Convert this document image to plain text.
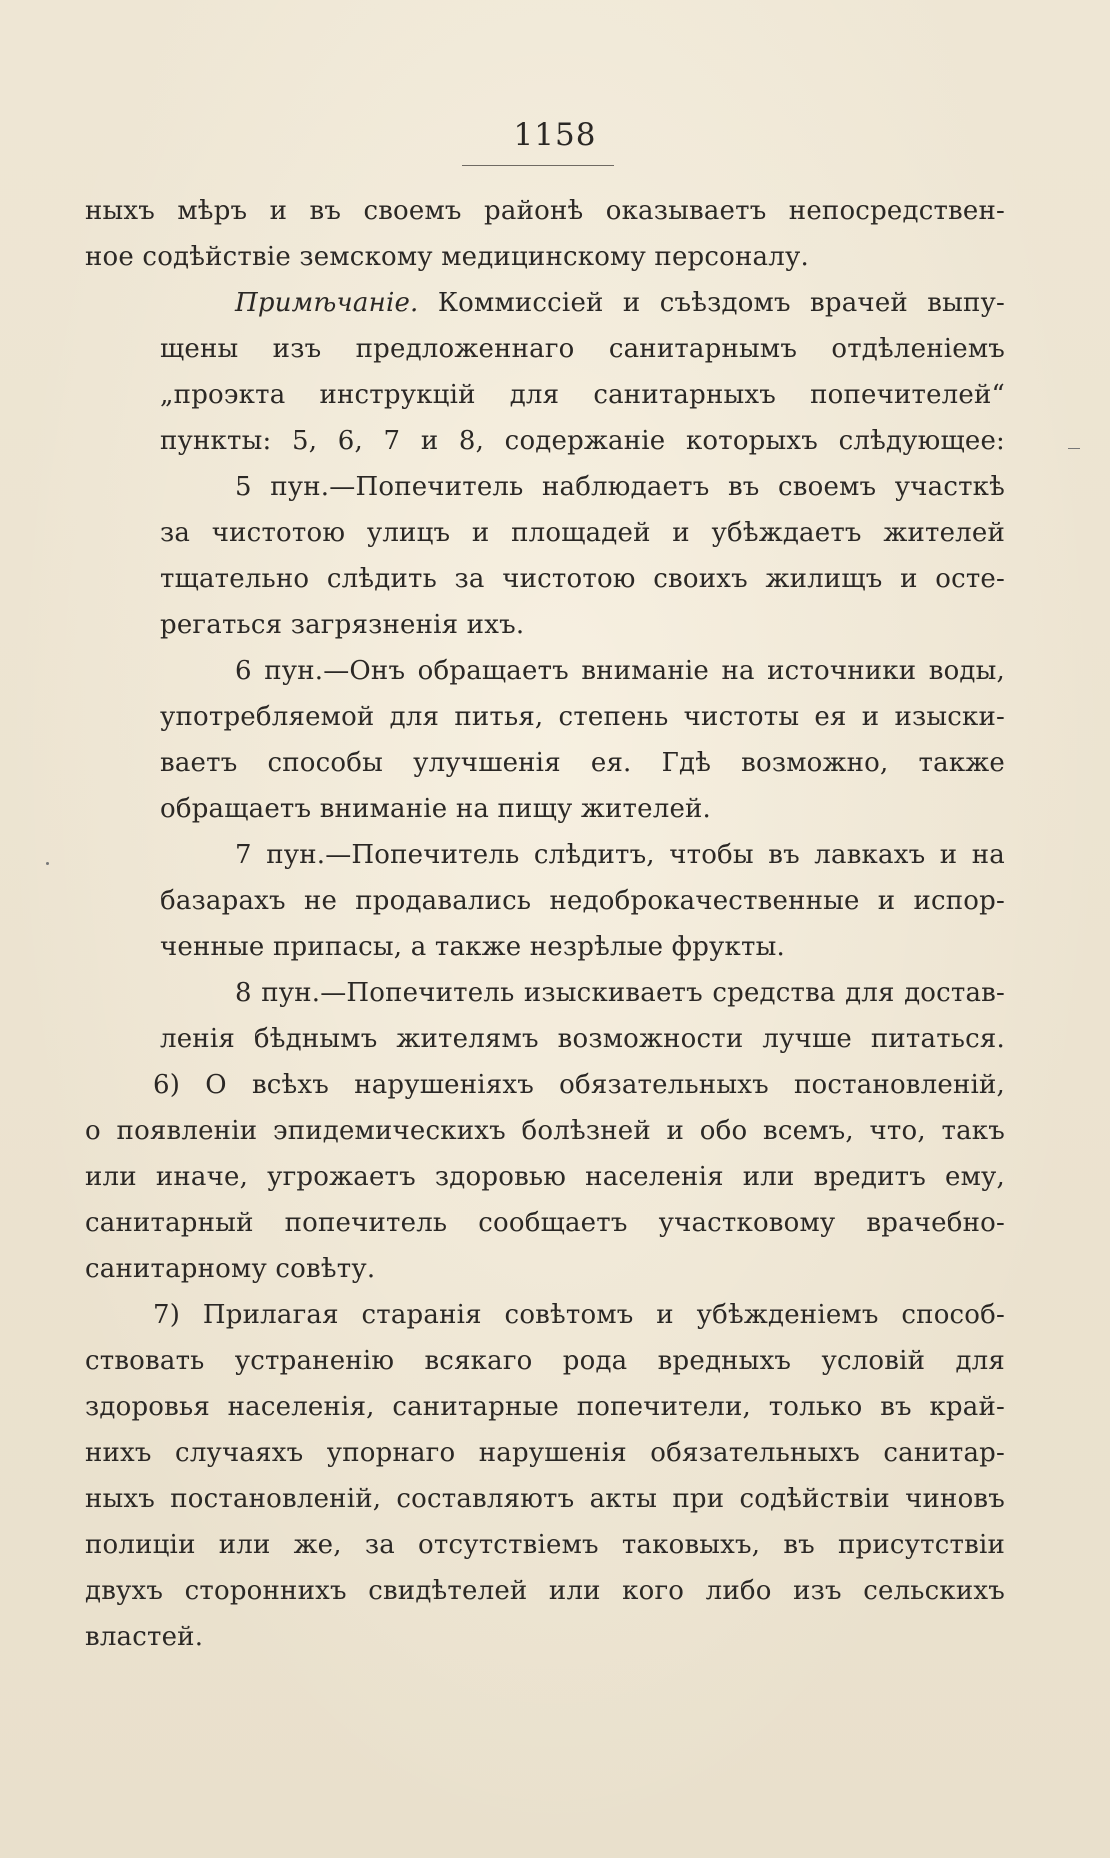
1158
ныхъ мѣръ и въ своемъ районѣ оказываетъ непосредствен-
ное содѣйствіе земскому медицинскому персоналу.
Примѣчаніе. Коммиссіей и съѣздомъ врачей выпу-
щены изъ предложеннаго санитарнымъ отдѣленіемъ
„проэкта инструкцій для санитарныхъ попечителей“
пункты: 5, 6, 7 и 8, содержаніе которыхъ слѣдующее:
5 пун.—Попечитель наблюдаетъ въ своемъ участкѣ
за чистотою улицъ и площадей и убѣждаетъ жителей
тщательно слѣдить за чистотою своихъ жилищъ и осте-
регаться загрязненія ихъ.
6 пун.—Онъ обращаетъ вниманіе на источники воды,
употребляемой для питья, степень чистоты ея и изыски-
ваетъ способы улучшенія ея. Гдѣ возможно, также
обращаетъ вниманіе на пищу жителей.
7 пун.—Попечитель слѣдитъ, чтобы въ лавкахъ и на
базарахъ не продавались недоброкачественные и испор-
ченные припасы, а также незрѣлые фрукты.
8 пун.—Попечитель изыскиваетъ средства для достав-
ленія бѣднымъ жителямъ возможности лучше питаться.
6) О всѣхъ нарушеніяхъ обязательныхъ постановленій,
о появленіи эпидемическихъ болѣзней и обо всемъ, что, такъ
или иначе, угрожаетъ здоровью населенія или вредитъ ему,
санитарный попечитель сообщаетъ участковому врачебно-
санитарному совѣту.
7) Прилагая старанія совѣтомъ и убѣжденіемъ способ-
ствовать устраненію всякаго рода вредныхъ условій для
здоровья населенія, санитарные попечители, только въ край-
нихъ случаяхъ упорнаго нарушенія обязательныхъ санитар-
ныхъ постановленій, составляютъ акты при содѣйствіи чиновъ
полиціи или же, за отсутствіемъ таковыхъ, въ присутствіи
двухъ стороннихъ свидѣтелей или кого либо изъ сельскихъ
властей.
